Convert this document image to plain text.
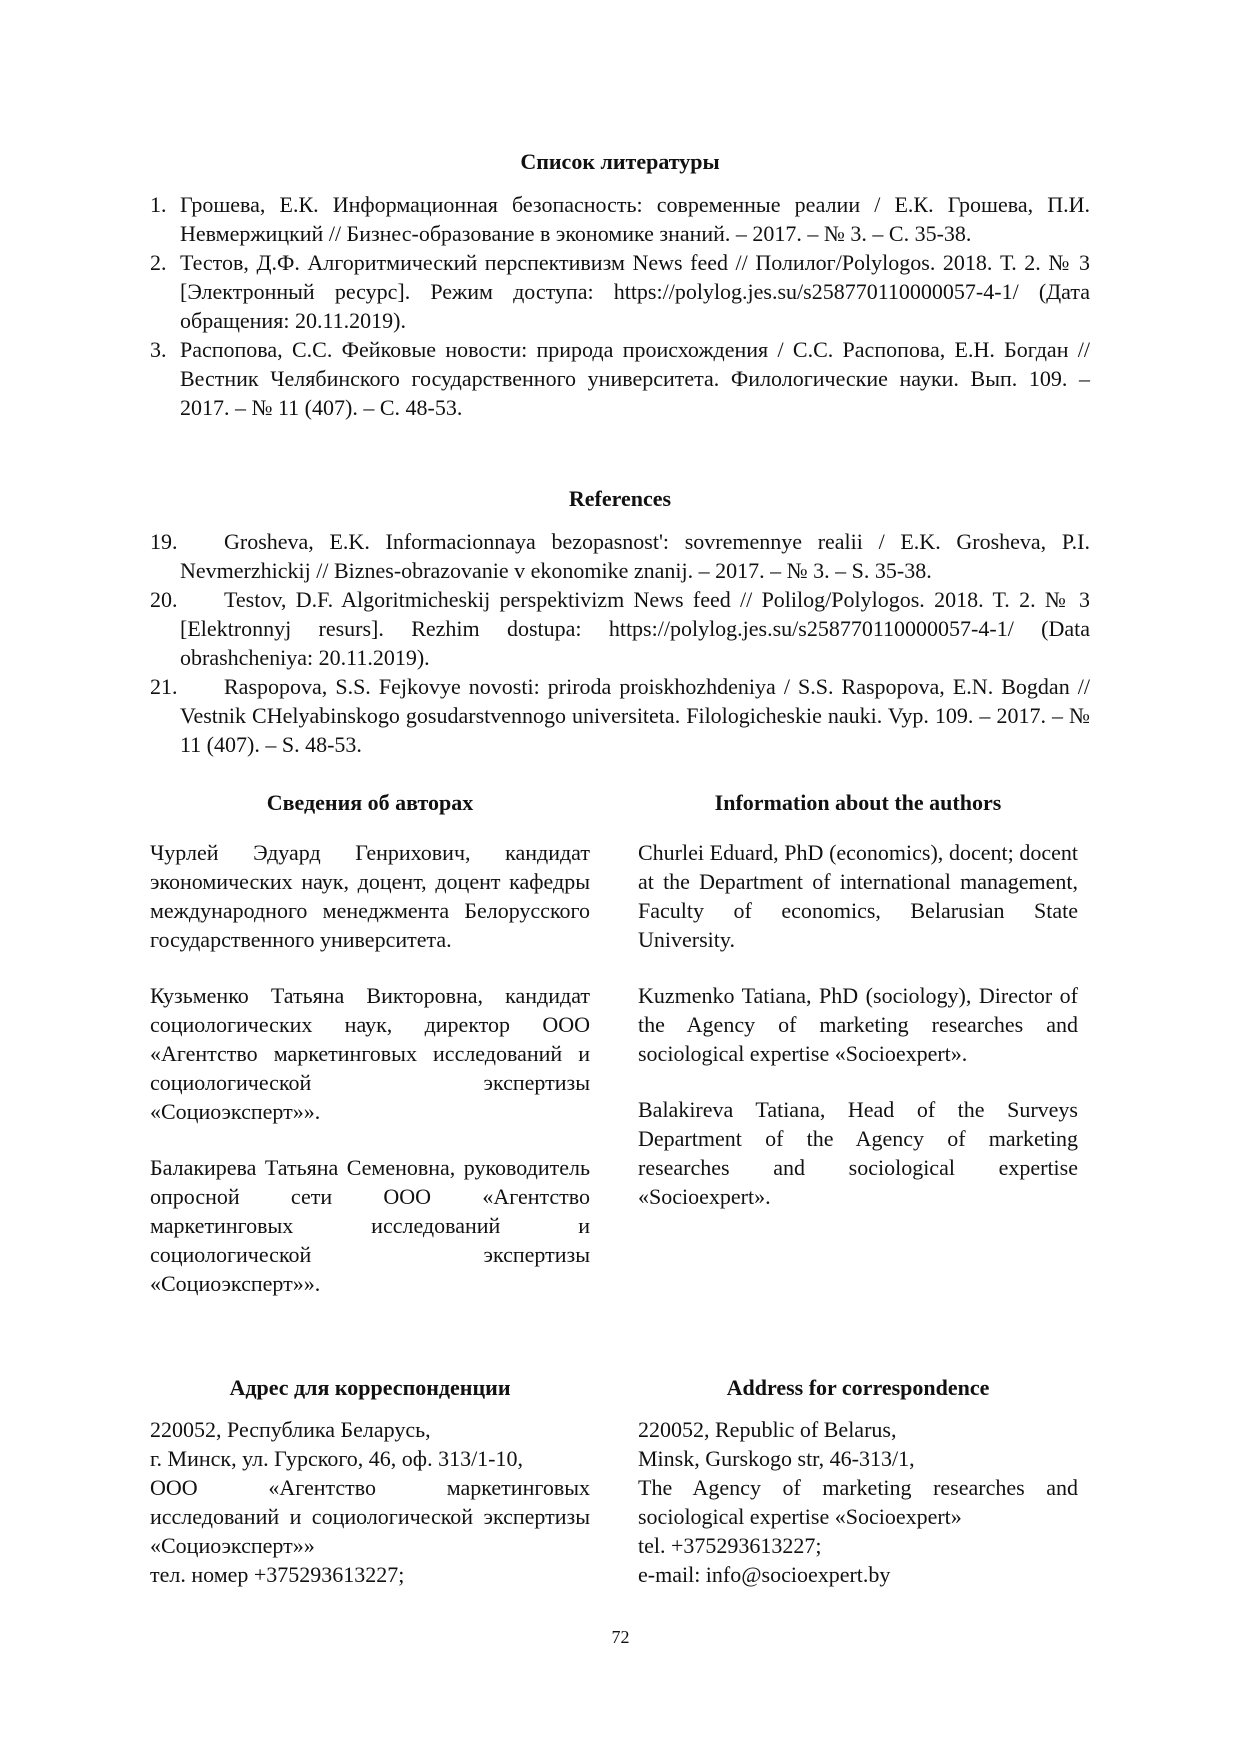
Список литературы
1. Грошева, Е.К. Информационная безопасность: современные реалии / Е.К. Грошева, П.И. Невмержицкий // Бизнес-образование в экономике знаний. – 2017. – № 3. – С. 35-38.
2. Тестов, Д.Ф. Алгоритмический перспективизм News feed // Полилог/Polylogos. 2018. Т. 2. № 3 [Электронный ресурс]. Режим доступа: https://polylog.jes.su/s258770110000057-4-1/ (Дата обращения: 20.11.2019).
3. Распопова, С.С. Фейковые новости: природа происхождения / С.С. Распопова, Е.Н. Богдан // Вестник Челябинского государственного университета. Филологические науки. Вып. 109. – 2017. – № 11 (407). – С. 48-53.
References
19. Grosheva, E.K. Informacionnaya bezopasnost': sovremennye realii / E.K. Grosheva, P.I. Nevmerzhickij // Biznes-obrazovanie v ekonomike znanij. – 2017. – № 3. – S. 35-38.
20. Testov, D.F. Algoritmicheskij perspektivizm News feed // Polilog/Polylogos. 2018. T. 2. № 3 [Elektronnyj resurs]. Rezhim dostupa: https://polylog.jes.su/s258770110000057-4-1/ (Data obrashcheniya: 20.11.2019).
21. Raspopova, S.S. Fejkovye novosti: priroda proiskhozhdeniya / S.S. Raspopova, E.N. Bogdan // Vestnik CHelyabinskogo gosudarstvennogo universiteta. Filologicheskie nauki. Vyp. 109. – 2017. – № 11 (407). – S. 48-53.
Сведения об авторах	Information about the authors

Чурлей Эдуард Генрихович, кандидат экономических наук, доцент, доцент кафедры международного менеджмента Белорусского государственного университета.

Кузьменко Татьяна Викторовна, кандидат социологических наук, директор ООО «Агентство маркетинговых исследований и социологической экспертизы «Социоэксперт»».

Балакирева Татьяна Семеновна, руководитель опросной сети ООО «Агентство маркетинговых исследований и социологической экспертизы «Социоэксперт»».

Churlei Eduard, PhD (economics), docent; docent at the Department of international management, Faculty of economics, Belarusian State University.

Kuzmenko Tatiana, PhD (sociology), Director of the Agency of marketing researches and sociological expertise «Socioexpert».

Balakireva Tatiana, Head of the Surveys Department of the Agency of marketing researches and sociological expertise «Socioexpert».

Адрес для корреспонденции	Address for correspondence

220052, Республика Беларусь,

г. Минск, ул. Гурского, 46, оф. 313/1-10,

ООО «Агентство маркетинговых исследований и социологической экспертизы «Социоэксперт»»

тел. номер +375293613227;

220052, Republic of Belarus,

Minsk, Gurskogo str, 46-313/1,

The Agency of marketing researches and sociological expertise «Socioexpert»

tel. +375293613227;

e-mail: info@socioexpert.by

72
